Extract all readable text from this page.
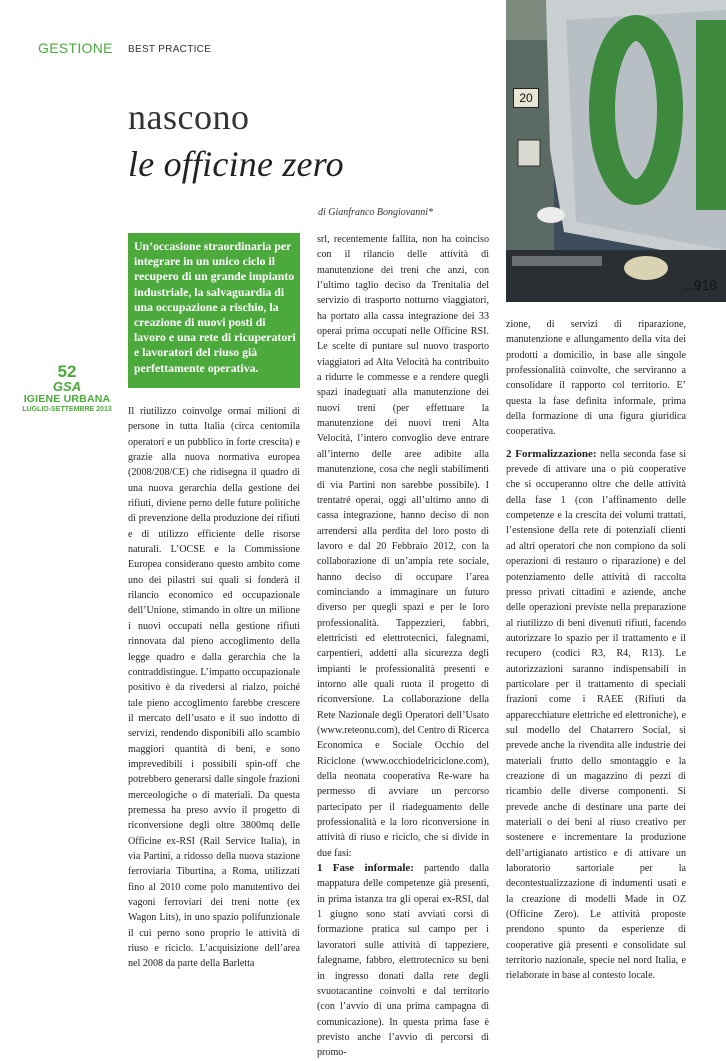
GESTIONE BEST PRACTICE
...918
20
nascono
le officine zero
di Gianfranco Bongiovanni*
Un’occasione straordinaria per integrare in un unico ciclo il recupero di un grande impianto industriale, la salvaguardia di una occupazione a rischio, la creazione di nuovi posti di lavoro e una rete di ricuperatori e lavoratori del riuso già perfettamente operativa.
52
GSA
IGIENE URBANA
LUGLIO-SETTEMBRE 2013	Il riutilizzo coinvolge ormai milioni di persone in tutta Italia (circa centomila operatori e un pubblico in forte crescita) e grazie alla nuova normativa europea (2008/208/CE) che ridisegna il quadro di una nuova gerarchia della gestione dei rifiuti, diviene perno delle future politiche di prevenzione della produzione dei rifiuti e di utilizzo efficiente delle risorse naturali. L’OCSE e la Commissione Europea considerano questo ambito come uno dei pilastri sui quali si fonderà il rilancio economico ed occupazionale dell’Unione, stimando in oltre un milione i nuovi occupati nella gestione rifiuti rinnovata dal pieno accoglimento della legge quadro e dalla gerarchia che la contraddistingue. L’impatto occupazionale positivo è da rivedersi al rialzo, poiché tale pieno accoglimento farebbe crescere il mercato dell’usato e il suo indotto di servizi, rendendo disponibili allo scambio maggiori quantità di beni, e sono imprevedibili i possibili spin-off che potrebbero generarsi dalle singole frazioni merceologiche o di materiali. Da questa premessa ha preso avvio il progetto di riconversione degli oltre 3800mq delle Officine ex-RSI (Rail Service Italia), in via Partini, a ridosso della nuova stazione ferroviaria Tiburtina, a Roma, utilizzati fino al 2010 come polo manutentivo dei vagoni ferroviari dei treni notte (ex Wagon Lits), in uno spazio polifunzionale il cui perno sono proprio le attività di riuso e riciclo. L’acquisizione dell’area nel 2008 da parte della Barletta

srl, recentemente fallita, non ha coinciso con il rilancio delle attività di manutenzione dei treni che anzi, con l’ultimo taglio deciso da Trenitalia del servizio di trasporto notturno viaggiatori, ha portato alla cassa integrazione dei 33 operai prima occupati nelle Officine RSI. Le scelte di puntare sul nuovo trasporto viaggiatori ad Alta Velocità ha contribuito a ridurre le commesse e a rendere quegli spazi inadeguati alla manutenzione dei nuovi treni (per effettuare la manutenzione dei nuovi treni Alta Velocità, l’intero convoglio deve entrare all’interno delle aree adibite alla manutenzione, cosa che negli stabilimenti di via Partini non sarebbe possibile). I trentatré operai, oggi all’ultimo anno di cassa integrazione, hanno deciso di non arrendersi alla perdita del loro posto di lavoro e dal 20 Febbraio 2012, con la collaborazione di un’ampia rete sociale, hanno deciso di occupare l’area cominciando a immaginare un futuro diverso per quegli spazi e per le loro professionalità. Tappezzieri, fabbri, elettricisti ed elettrotecnici, falegnami, carpentieri, addetti alla sicurezza degli impianti le professionalità presenti e intorno alle quali ruota il progetto di riconversione. La collaborazione della Rete Nazionale degli Operatori dell’Usato (www.reteonu.com), del Centro di Ricerca Economica e Sociale Occhio del Riciclone (www.occhiodelriciclone.com), della neonata cooperativa Re-ware ha permesso di avviare un percorso partecipato per il riadeguamento delle professionalità e la loro riconversione in attività di riuso e riciclo, che si divide in due fasi:

1 Fase informale: partendo dalla mappatura delle competenze già presenti, in prima istanza tra gli operai ex-RSI, dal 1 giugno sono stati avviati corsi di formazione pratica sul campo per i lavoratori sulle attività di tappeziere, falegname, fabbro, elettrotecnico su beni in ingresso donati dalla rete degli svuotacantine coinvolti e dal territorio (con l’avvio di una prima campagna di comunicazione). In questa prima fase è previsto anche l’avvio di percorsi di promo-

zione, di servizi di riparazione, manutenzione e allungamento della vita dei prodotti a domicilio, in base alle singole professionalità coinvolte, che serviranno a consolidare il rapporto col territorio. E’ questa la fase definita informale, prima della formazione di una figura giuridica cooperativa.

2 Formalizzazione: nella seconda fase si prevede di attivare una o più cooperative che si occuperanno oltre che delle attività della fase 1 (con l’affinamento delle competenze e la crescita dei volumi trattati, l’estensione della rete di potenziali clienti ad altri operatori che non compiono da soli operazioni di restauro o riparazione) e del potenziamento delle attività di raccolta presso privati cittadini e aziende, anche delle operazioni previste nella preparazione al riutilizzo di beni divenuti rifiuti, facendo autorizzare lo spazio per il trattamento e il recupero (codici R3, R4, R13). Le autorizzazioni saranno indispensabili in particolare per il trattamento di speciali frazioni come i RAEE (Rifiuti da apparecchiature elettriche ed elettroniche), e sul modello del Chatarrero Social, si prevede anche la rivendita alle industrie dei materiali frutto dello smontaggio e la creazione di un magazzino di pezzi di ricambio delle diverse componenti. Si prevede anche di destinare una parte dei materiali o dei beni al riuso creativo per sostenere e incrementare la produzione dell’artigianato artistico e di attivare un laboratorio sartoriale per la decontestualizzazione di indumenti usati e la creazione di modelli Made in OZ (Officine Zero). Le attività proposte prendono spunto da esperienze di cooperative già presenti e consolidate sul territorio nazionale, specie nel nord Italia, e rielaborate in base al contesto locale.
